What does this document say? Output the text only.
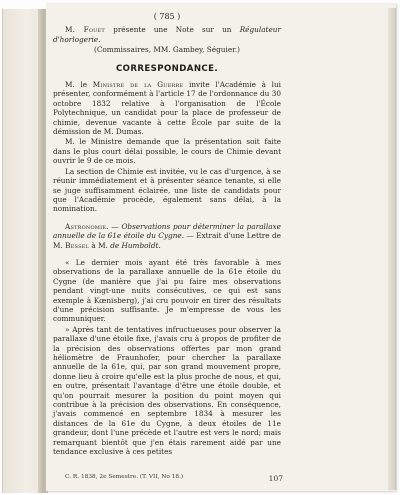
( 785 )

M. Fouet présente une Note sur un Régulateur d'horlogerie.

(Commissaires, MM. Gambey, Séguier.)

CORRESPONDANCE.

M. le Ministre de la Guerre invite l'Académie à lui présenter, conformément à l'article 17 de l'ordonnance du 30 octobre 1832 relative à l'organisation de l'École Polytechnique, un candidat pour la place de professeur de chimie, devenue vacante à cette École par suite de la démission de M. Dumas.

M. le Ministre demande que la présentation soit faite dans le plus court délai possible, le cours de Chimie devant ouvrir le 9 de ce mois.

La section de Chimie est invitée, vu le cas d'urgence, à se réunir immédiatement et à présenter séance tenante, si elle se juge suffisamment éclairée, une liste de candidats pour que l'Académie procède, également sans délai, à la nomination.

Astronomie. — Observations pour déterminer la parallaxe annuelle de la 61e étoile du Cygne. — Extrait d'une Lettre de M. Bessel à M. de Humboldt.

« Le dernier mois ayant été très favorable à mes observations de la parallaxe annuelle de la 61e étoile du Cygne (de manière que j'ai pu faire mes observations pendant vingt-une nuits consécutives, ce qui est sans exemple à Kœnisberg), j'ai cru pouvoir en tirer des résultats d'une précision suffisante. Je m'empresse de vous les communiquer.

» Après tant de tentatives infructueuses pour observer la parallaxe d'une étoile fixe, j'avais cru à propos de profiter de la précision des observations offertes par mon grand héliomètre de Fraunhofer, pour chercher la parallaxe annuelle de la 61e, qui, par son grand mouvement propre, donne lieu à croire qu'elle est la plus proche de nous, et qui, en outre, présentait l'avantage d'être une étoile double, et qu'on pourrait mesurer la position du point moyen qui contribue à la précision des observations. En conséquence, j'avais commencé en septembre 1834 à mesurer les distances de la 61e du Cygne, à deux étoiles de 11e grandeur, dont l'une précède et l'autre est vers le nord; mais remarquant bientôt que j'en étais rarement aidé par une tendance exclusive à ces petites

C. R. 1838, 2e Semestre. (T. VII, No 18.)	107
